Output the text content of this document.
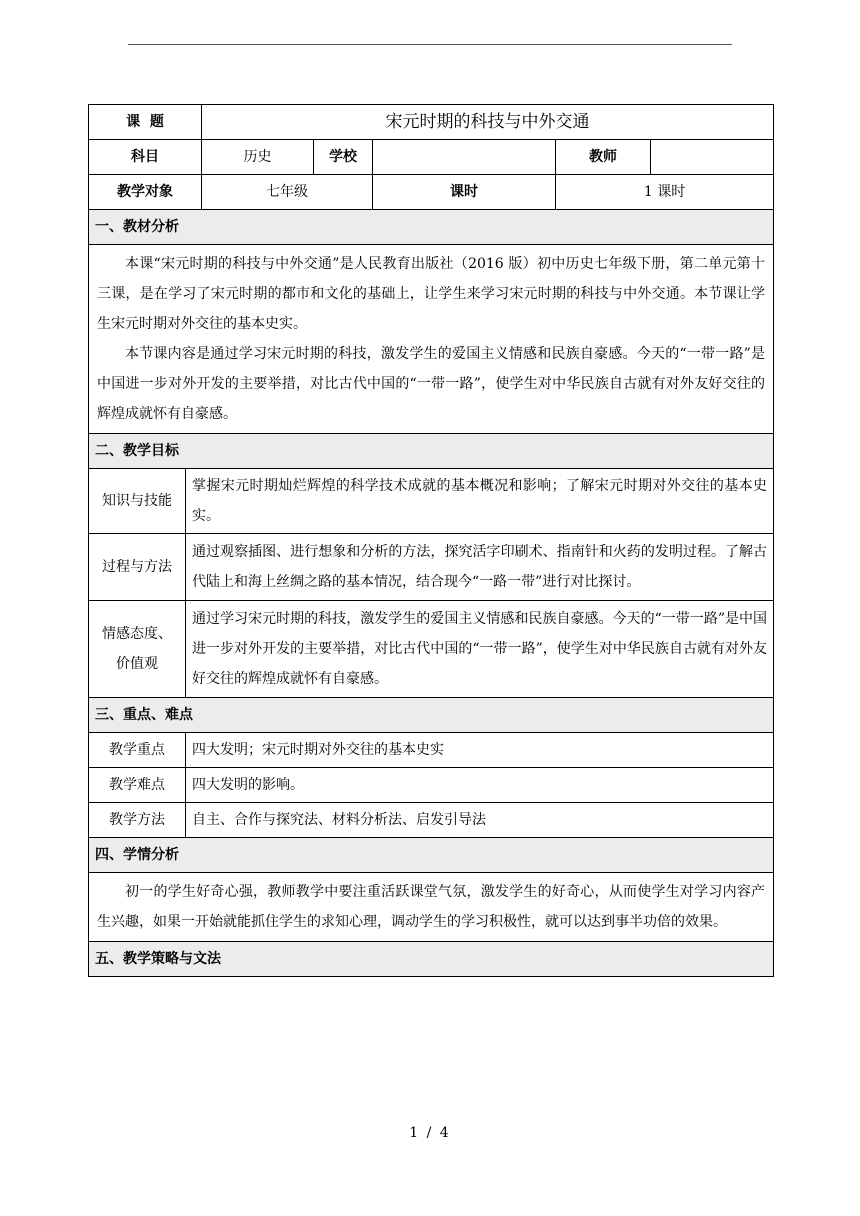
课  题		宋元时期的科技与中外交通				
科目		历史	学校		教师	
教学对象		七年级		课时	1 课时	
一、教材分析						

本课“宋元时期的科技与中外交通”是人民教育出版社（2016 版）初中历史七年级下册，第二单元第十三课，是在学习了宋元时期的都市和文化的基础上，让学生来学习宋元时期的科技与中外交通。本节课让学生宋元时期对外交往的基本史实。

本节课内容是通过学习宋元时期的科技，激发学生的爱国主义情感和民族自豪感。今天的“一带一路”是中国进一步对外开发的主要举措，对比古代中国的“一带一路”，使学生对中华民族自古就有对外友好交往的辉煌成就怀有自豪感。						

二、教学目标						
知识与技能	掌握宋元时期灿烂辉煌的科学技术成就的基本概况和影响；了解宋元时期对外交往的基本史实。					
过程与方法	通过观察插图、进行想象和分析的方法，探究活字印刷术、指南针和火药的发明过程。了解古代陆上和海上丝绸之路的基本情况，结合现今“一路一带”进行对比探讨。					
情感态度、
价值观	通过学习宋元时期的科技，激发学生的爱国主义情感和民族自豪感。今天的“一带一路”是中国进一步对外开发的主要举措，对比古代中国的“一带一路”，使学生对中华民族自古就有对外友好交往的辉煌成就怀有自豪感。					
三、重点、难点						
教学重点	四大发明；宋元时期对外交往的基本史实					
教学难点	四大发明的影响。					
教学方法	自主、合作与探究法、材料分析法、启发引导法					
四、学情分析						

初一的学生好奇心强，教师教学中要注重活跃课堂气氛，激发学生的好奇心，从而使学生对学习内容产生兴趣，如果一开始就能抓住学生的求知心理，调动学生的学习积极性，就可以达到事半功倍的效果。						

五、教学策略与文法						
1 / 4
